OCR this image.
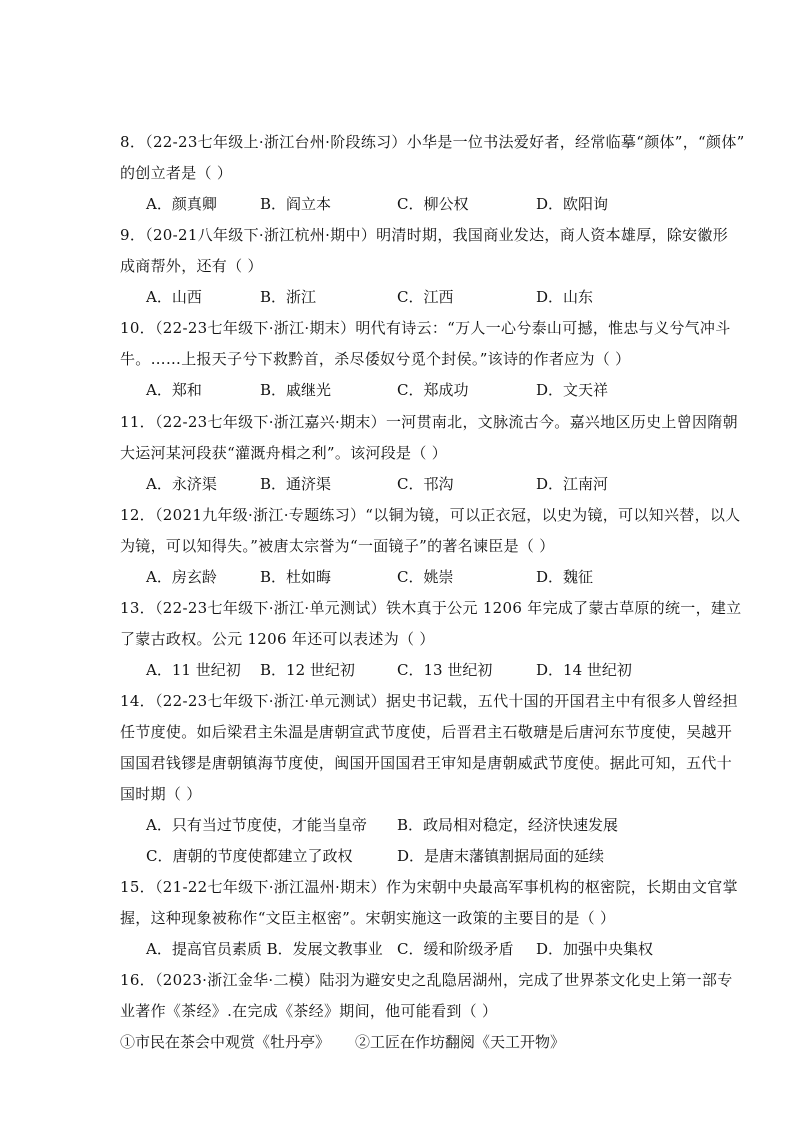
8．（22-23七年级上·浙江台州·阶段练习）小华是一位书法爱好者，经常临摹“颜体”，“颜体”
的创立者是（ ）
A．颜真卿	B．阎立本	C．柳公权	D．欧阳询
9．（20-21八年级下·浙江杭州·期中）明清时期，我国商业发达，商人资本雄厚，除安徽形
成商帮外，还有（ ）
A．山西	B．浙江	C．江西	D．山东
10．（22-23七年级下·浙江·期末）明代有诗云：“万人一心兮泰山可撼，惟忠与义兮气冲斗
牛。……上报天子兮下救黔首，杀尽倭奴兮觅个封侯。”该诗的作者应为（ ）
A．郑和	B．戚继光	C．郑成功	D．文天祥
11．（22-23七年级下·浙江嘉兴·期末）一河贯南北，文脉流古今。嘉兴地区历史上曾因隋朝
大运河某河段获“灌溉舟楫之利”。该河段是（ ）
A．永济渠	B．通济渠	C．邗沟	D．江南河
12．（2021九年级·浙江·专题练习）“以铜为镜，可以正衣冠，以史为镜，可以知兴替，以人
为镜，可以知得失。”被唐太宗誉为“一面镜子”的著名谏臣是（ ）
A．房玄龄	B．杜如晦	C．姚崇	D．魏征
13．（22-23七年级下·浙江·单元测试）铁木真于公元 1206 年完成了蒙古草原的统一，建立
了蒙古政权。公元 1206 年还可以表述为（ ）
A．11 世纪初 B．12 世纪初	C．13 世纪初	D．14 世纪初
14．（22-23七年级下·浙江·单元测试）据史书记载，五代十国的开国君主中有很多人曾经担
任节度使。如后梁君主朱温是唐朝宣武节度使，后晋君主石敬瑭是后唐河东节度使，吴越开
国国君钱镠是唐朝镇海节度使，闽国开国国君王审知是唐朝威武节度使。据此可知，五代十
国时期（ ）
A．只有当过节度使，才能当皇帝 B．政局相对稳定，经济快速发展
C．唐朝的节度使都建立了政权	D．是唐末藩镇割据局面的延续
15．（21-22七年级下·浙江温州·期末）作为宋朝中央最高军事机构的枢密院，长期由文官掌
握，这种现象被称作“文臣主枢密”。宋朝实施这一政策的主要目的是（ ）
A．提高官员素质 B．发展文教事业 C．缓和阶级矛盾 D．加强中央集权
16．（2023·浙江金华·二模）陆羽为避安史之乱隐居湖州，完成了世界茶文化史上第一部专
业著作《茶经》.在完成《茶经》期间，他可能看到（ ）
①市民在茶会中观赏《牡丹亭》 ②工匠在作坊翻阅《天工开物》
